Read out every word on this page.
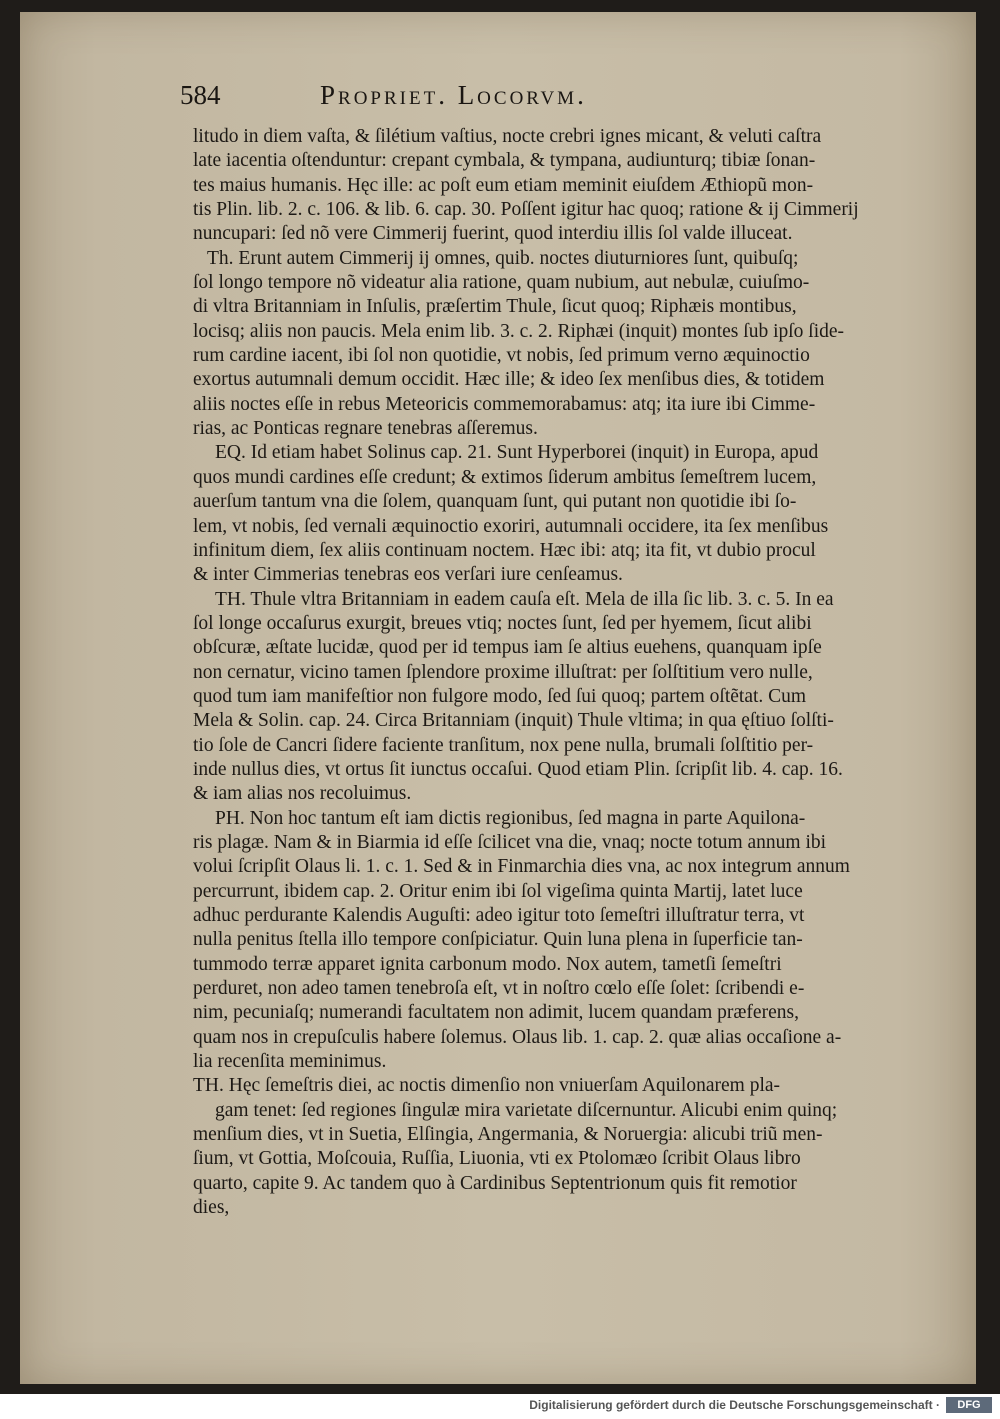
584	Propriet. Locorvm.
litudo in diem vaſta, & ſilétium vaſtius, nocte crebri ignes micant, & veluti caſtra
late iacentia oſtenduntur: crepant cymbala, & tympana, audiunturq; tibiæ ſonan-
tes maius humanis. Hęc ille: ac poſt eum etiam meminit eiuſdem Æthiopũ mon-
tis Plin. lib. 2. c. 106. & lib. 6. cap. 30. Poſſent igitur hac quoq; ratione & ij Cimmerij
nuncupari: ſed nõ vere Cimmerij fuerint, quod interdiu illis ſol valde illuceat.
Th. Erunt autem Cimmerij ij omnes, quib. noctes diuturniores ſunt, quibuſq;
ſol longo tempore nõ videatur alia ratione, quam nubium, aut nebulæ, cuiuſmo-
di vltra Britanniam in Inſulis, præſertim Thule, ſicut quoq; Riphæis montibus,
locisq; aliis non paucis. Mela enim lib. 3. c. 2. Riphæi (inquit) montes ſub ipſo ſide-
rum cardine iacent, ibi ſol non quotidie, vt nobis, ſed primum verno æquinoctio
exortus autumnali demum occidit. Hæc ille; & ideo ſex menſibus dies, & totidem
aliis noctes eſſe in rebus Meteoricis commemorabamus: atq; ita iure ibi Cimme-
rias, ac Ponticas regnare tenebras aſſeremus.
EQ. Id etiam habet Solinus cap. 21. Sunt Hyperborei (inquit) in Europa, apud
quos mundi cardines eſſe credunt; & extimos ſiderum ambitus ſemeſtrem lucem,
auerſum tantum vna die ſolem, quanquam ſunt, qui putant non quotidie ibi ſo-
lem, vt nobis, ſed vernali æquinoctio exoriri, autumnali occidere, ita ſex menſibus
infinitum diem, ſex aliis continuam noctem. Hæc ibi: atq; ita fit, vt dubio procul
& inter Cimmerias tenebras eos verſari iure cenſeamus.
TH. Thule vltra Britanniam in eadem cauſa eſt. Mela de illa ſic lib. 3. c. 5. In ea
ſol longe occaſurus exurgit, breues vtiq; noctes ſunt, ſed per hyemem, ſicut alibi
obſcuræ, æſtate lucidæ, quod per id tempus iam ſe altius euehens, quanquam ipſe
non cernatur, vicino tamen ſplendore proxime illuſtrat: per ſolſtitium vero nulle,
quod tum iam manifeſtior non fulgore modo, ſed ſui quoq; partem oſtẽtat. Cum
Mela & Solin. cap. 24. Circa Britanniam (inquit) Thule vltima; in qua ęſtiuo ſolſti-
tio ſole de Cancri ſidere faciente tranſitum, nox pene nulla, brumali ſolſtitio per-
inde nullus dies, vt ortus ſit iunctus occaſui. Quod etiam Plin. ſcripſit lib. 4. cap. 16.
& iam alias nos recoluimus.
PH. Non hoc tantum eſt iam dictis regionibus, ſed magna in parte Aquilona-
ris plagæ. Nam & in Biarmia id eſſe ſcilicet vna die, vnaq; nocte totum annum ibi
volui ſcripſit Olaus li. 1. c. 1. Sed & in Finmarchia dies vna, ac nox integrum annum
percurrunt, ibidem cap. 2. Oritur enim ibi ſol vigeſima quinta Martij, latet luce
adhuc perdurante Kalendis Auguſti: adeo igitur toto ſemeſtri illuſtratur terra, vt
nulla penitus ſtella illo tempore conſpiciatur. Quin luna plena in ſuperficie tan-
tummodo terræ apparet ignita carbonum modo. Nox autem, tametſi ſemeſtri
perduret, non adeo tamen tenebroſa eſt, vt in noſtro cœlo eſſe ſolet: ſcribendi e-
nim, pecuniaſq; numerandi facultatem non adimit, lucem quandam præferens,
quam nos in crepuſculis habere ſolemus. Olaus lib. 1. cap. 2. quæ alias occaſione a-
lia recenſita meminimus.
TH. Hęc ſemeſtris diei, ac noctis dimenſio non vniuerſam Aquilonarem pla-
gam tenet: ſed regiones ſingulæ mira varietate diſcernuntur. Alicubi enim quinq;
menſium dies, vt in Suetia, Elſingia, Angermania, & Noruergia: alicubi triũ men-
ſium, vt Gottia, Moſcouia, Ruſſia, Liuonia, vti ex Ptolomæo ſcribit Olaus libro
quarto, capite 9. Ac tandem quo à Cardinibus Septentrionum quis fit remotior
dies,
Digitalisierung gefördert durch die Deutsche Forschungsgemeinschaft ·	DFG
